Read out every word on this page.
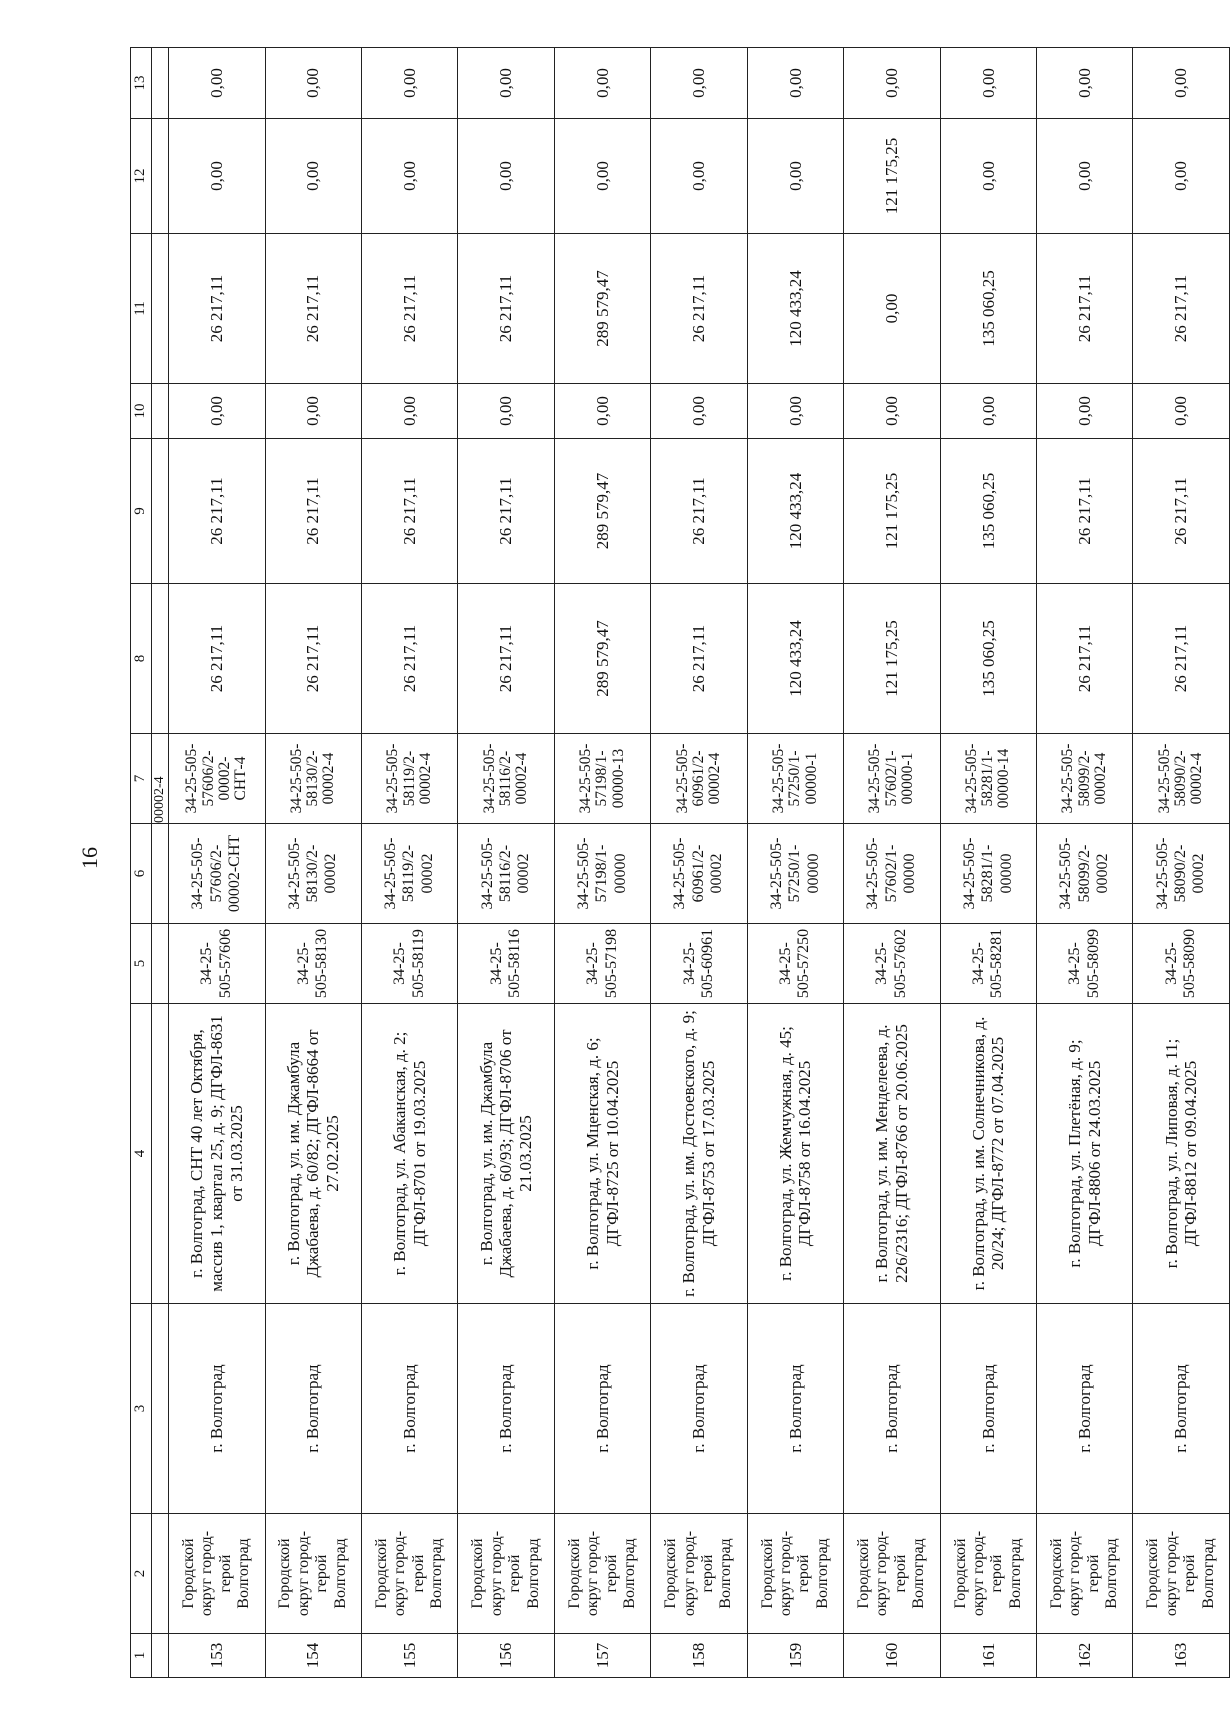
16
1	2	3	4	5	6	7	8	9	10	11	12	13
						00002-4						
153	Городской округ город-герой Волгоград	г. Волгоград	г. Волгоград, СНТ 40 лет Октября, массив 1, квартал 25, д. 9; ДГФЛ-8631 от 31.03.2025	34-25-505-57606	34-25-505-57606/2-00002-СНТ	34-25-505-57606/2-00002-СНТ-4	26 217,11	26 217,11	0,00	26 217,11	0,00	0,00
154	Городской округ город-герой Волгоград	г. Волгоград	г. Волгоград, ул. им. Джамбула Джабаева, д. 60/82; ДГФЛ-8664 от 27.02.2025	34-25-505-58130	34-25-505-58130/2-00002	34-25-505-58130/2-00002-4	26 217,11	26 217,11	0,00	26 217,11	0,00	0,00
155	Городской округ город-герой Волгоград	г. Волгоград	г. Волгоград, ул. Абаканская, д. 2; ДГФЛ-8701 от 19.03.2025	34-25-505-58119	34-25-505-58119/2-00002	34-25-505-58119/2-00002-4	26 217,11	26 217,11	0,00	26 217,11	0,00	0,00
156	Городской округ город-герой Волгоград	г. Волгоград	г. Волгоград, ул. им. Джамбула Джабаева, д. 60/93; ДГФЛ-8706 от 21.03.2025	34-25-505-58116	34-25-505-58116/2-00002	34-25-505-58116/2-00002-4	26 217,11	26 217,11	0,00	26 217,11	0,00	0,00
157	Городской округ город-герой Волгоград	г. Волгоград	г. Волгоград, ул. Мценская, д. 6; ДГФЛ-8725 от 10.04.2025	34-25-505-57198	34-25-505-57198/1-00000	34-25-505-57198/1-00000-13	289 579,47	289 579,47	0,00	289 579,47	0,00	0,00
158	Городской округ город-герой Волгоград	г. Волгоград	г. Волгоград, ул. им. Достоевского, д. 9; ДГФЛ-8753 от 17.03.2025	34-25-505-60961	34-25-505-60961/2-00002	34-25-505-60961/2-00002-4	26 217,11	26 217,11	0,00	26 217,11	0,00	0,00
159	Городской округ город-герой Волгоград	г. Волгоград	г. Волгоград, ул. Жемчужная, д. 45; ДГФЛ-8758 от 16.04.2025	34-25-505-57250	34-25-505-57250/1-00000	34-25-505-57250/1-00000-1	120 433,24	120 433,24	0,00	120 433,24	0,00	0,00
160	Городской округ город-герой Волгоград	г. Волгоград	г. Волгоград, ул. им. Менделеева, д. 226/2316; ДГФЛ-8766 от 20.06.2025	34-25-505-57602	34-25-505-57602/1-00000	34-25-505-57602/1-00000-1	121 175,25	121 175,25	0,00	0,00	121 175,25	0,00
161	Городской округ город-герой Волгоград	г. Волгоград	г. Волгоград, ул. им. Солнечникова, д. 20/24; ДГФЛ-8772 от 07.04.2025	34-25-505-58281	34-25-505-58281/1-00000	34-25-505-58281/1-00000-14	135 060,25	135 060,25	0,00	135 060,25	0,00	0,00
162	Городской округ город-герой Волгоград	г. Волгоград	г. Волгоград, ул. Плетёная, д. 9; ДГФЛ-8806 от 24.03.2025	34-25-505-58099	34-25-505-58099/2-00002	34-25-505-58099/2-00002-4	26 217,11	26 217,11	0,00	26 217,11	0,00	0,00
163	Городской округ город-герой Волгоград	г. Волгоград	г. Волгоград, ул. Липовая, д. 11; ДГФЛ-8812 от 09.04.2025	34-25-505-58090	34-25-505-58090/2-00002	34-25-505-58090/2-00002-4	26 217,11	26 217,11	0,00	26 217,11	0,00	0,00
